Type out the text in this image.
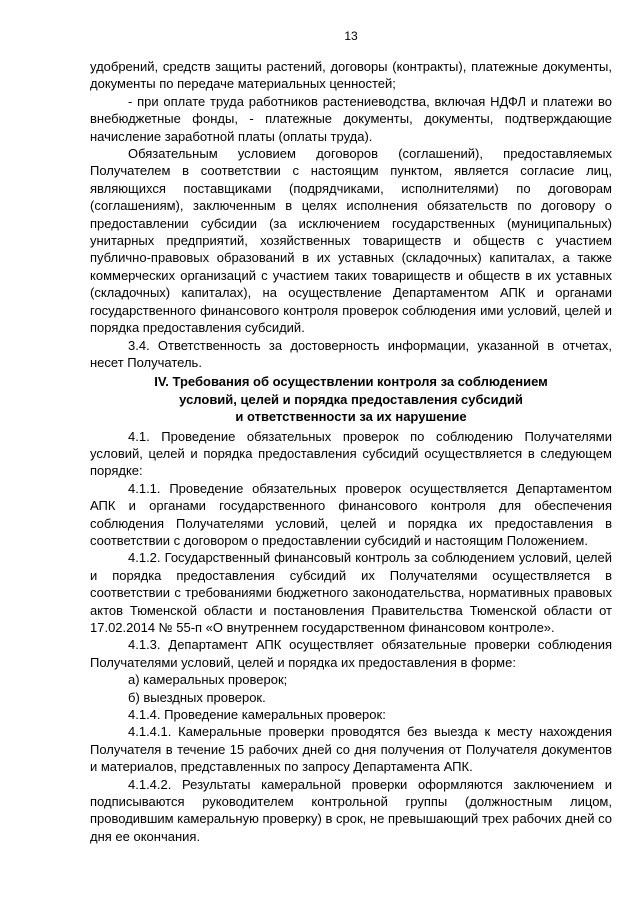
13

удобрений, средств защиты растений, договоры (контракты), платежные документы, документы по передаче материальных ценностей;

- при оплате труда работников растениеводства, включая НДФЛ и платежи во внебюджетные фонды, - платежные документы, документы, подтверждающие начисление заработной платы (оплаты труда).

Обязательным условием договоров (соглашений), предоставляемых Получателем в соответствии с настоящим пунктом, является согласие лиц, являющихся поставщиками (подрядчиками, исполнителями) по договорам (соглашениям), заключенным в целях исполнения обязательств по договору о предоставлении субсидии (за исключением государственных (муниципальных) унитарных предприятий, хозяйственных товариществ и обществ с участием публично-правовых образований в их уставных (складочных) капиталах, а также коммерческих организаций с участием таких товариществ и обществ в их уставных (складочных) капиталах), на осуществление Департаментом АПК и органами государственного финансового контроля проверок соблюдения ими условий, целей и порядка предоставления субсидий.

3.4. Ответственность за достоверность информации, указанной в отчетах, несет Получатель.

IV. Требования об осуществлении контроля за соблюдением
условий, целей и порядка предоставления субсидий
и ответственности за их нарушение

4.1. Проведение обязательных проверок по соблюдению Получателями условий, целей и порядка предоставления субсидий осуществляется в следующем порядке:

4.1.1. Проведение обязательных проверок осуществляется Департаментом АПК и органами государственного финансового контроля для обеспечения соблюдения Получателями условий, целей и порядка их предоставления в соответствии с договором о предоставлении субсидий и настоящим Положением.

4.1.2. Государственный финансовый контроль за соблюдением условий, целей и порядка предоставления субсидий их Получателями осуществляется в соответствии с требованиями бюджетного законодательства, нормативных правовых актов Тюменской области и постановления Правительства Тюменской области от 17.02.2014 № 55-п «О внутреннем государственном финансовом контроле».

4.1.3. Департамент АПК осуществляет обязательные проверки соблюдения Получателями условий, целей и порядка их предоставления в форме:

а) камеральных проверок;

б) выездных проверок.

4.1.4. Проведение камеральных проверок:

4.1.4.1. Камеральные проверки проводятся без выезда к месту нахождения Получателя в течение 15 рабочих дней со дня получения от Получателя документов и материалов, представленных по запросу Департамента АПК.

4.1.4.2. Результаты камеральной проверки оформляются заключением и подписываются руководителем контрольной группы (должностным лицом, проводившим камеральную проверку) в срок, не превышающий трех рабочих дней со дня ее окончания.
